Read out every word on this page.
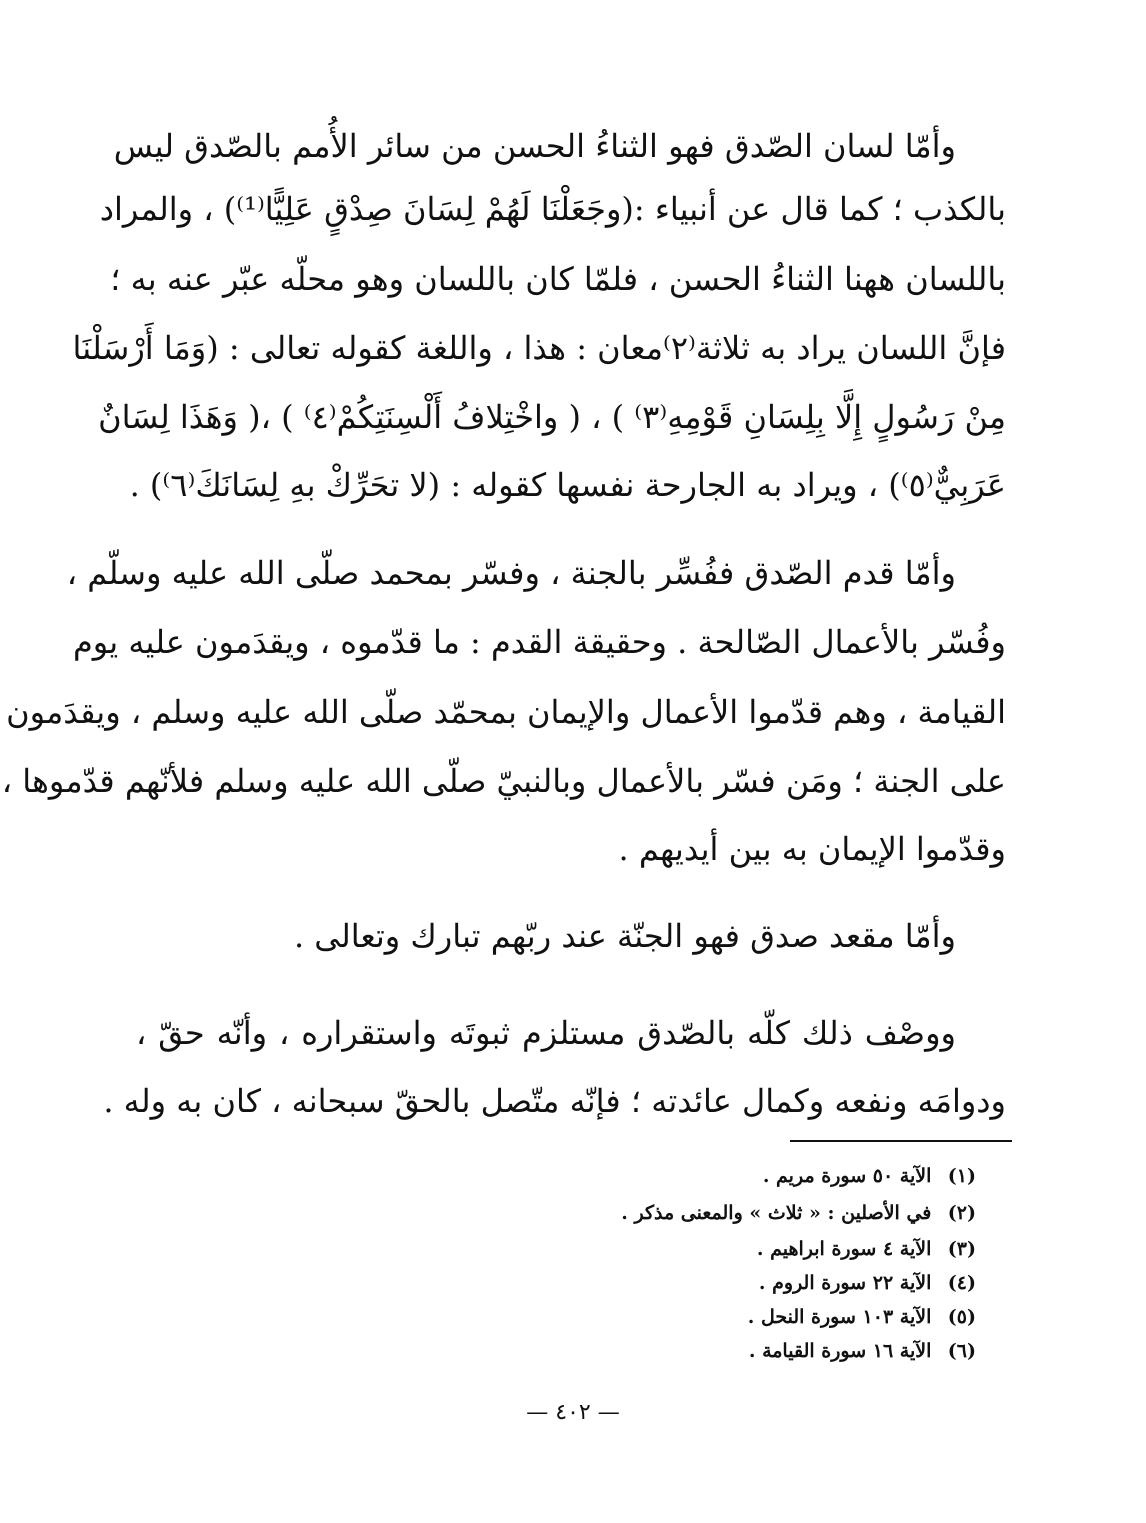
وأمّا لسان الصّدق فهو الثناءُ الحسن من سائر الأُمم بالصّدق ليس
بالكذب ؛ كما قال عن أنبياء :(وجَعَلْنَا لَهُمْ لِسَانَ صِدْقٍ عَلِيًّا⁽¹⁾) ، والمراد
باللسان ههنا الثناءُ الحسن ، فلمّا كان باللسان وهو محلّه عبّر عنه به ؛
فإنَّ اللسان يراد به ثلاثة⁽٢⁾معان : هذا ، واللغة كقوله تعالى : (وَمَا أَرْسَلْنَا
مِنْ رَسُولٍ إِلَّا بِلِسَانِ قَوْمِهِ⁽٣⁾ ) ، ( واخْتِلافُ أَلْسِنَتِكُمْ⁽٤⁾ ) ،( وَهَذَا لِسَانٌ
عَرَبِيٌّ⁽٥⁾) ، ويراد به الجارحة نفسها كقوله : (لا تحَرِّكْ بهِ لِسَانَكَ⁽٦⁾) .
وأمّا قدم الصّدق ففُسِّر بالجنة ، وفسّر بمحمد صلّى الله عليه وسلّم ،
وفُسّر بالأعمال الصّالحة . وحقيقة القدم : ما قدّموه ، ويقدَمون عليه يوم
القيامة ، وهم قدّموا الأعمال والإيمان بمحمّد صلّى الله عليه وسلم ، ويقدَمون
على الجنة ؛ ومَن فسّر بالأعمال وبالنبيّ صلّى الله عليه وسلم فلأنّهم قدّموها ،
وقدّموا الإيمان به بين أيديهم .
وأمّا مقعد صدق فهو الجنّة عند ربّهم تبارك وتعالى .
ووصْف ذلك كلّه بالصّدق مستلزم ثبوتَه واستقراره ، وأنّه حقّ ،
ودوامَه ونفعه وكمال عائدته ؛ فإنّه متّصل بالحقّ سبحانه ، كان به وله .
(١) الآية ٥٠ سورة مريم .
(٢) في الأصلين : « ثلاث » والمعنى مذكر .
(٣) الآية ٤ سورة ابراهيم .
(٤) الآية ٢٢ سورة الروم .
(٥) الآية ١٠٣ سورة النحل .
(٦) الآية ١٦ سورة القيامة .
— ٤٠٢ —
